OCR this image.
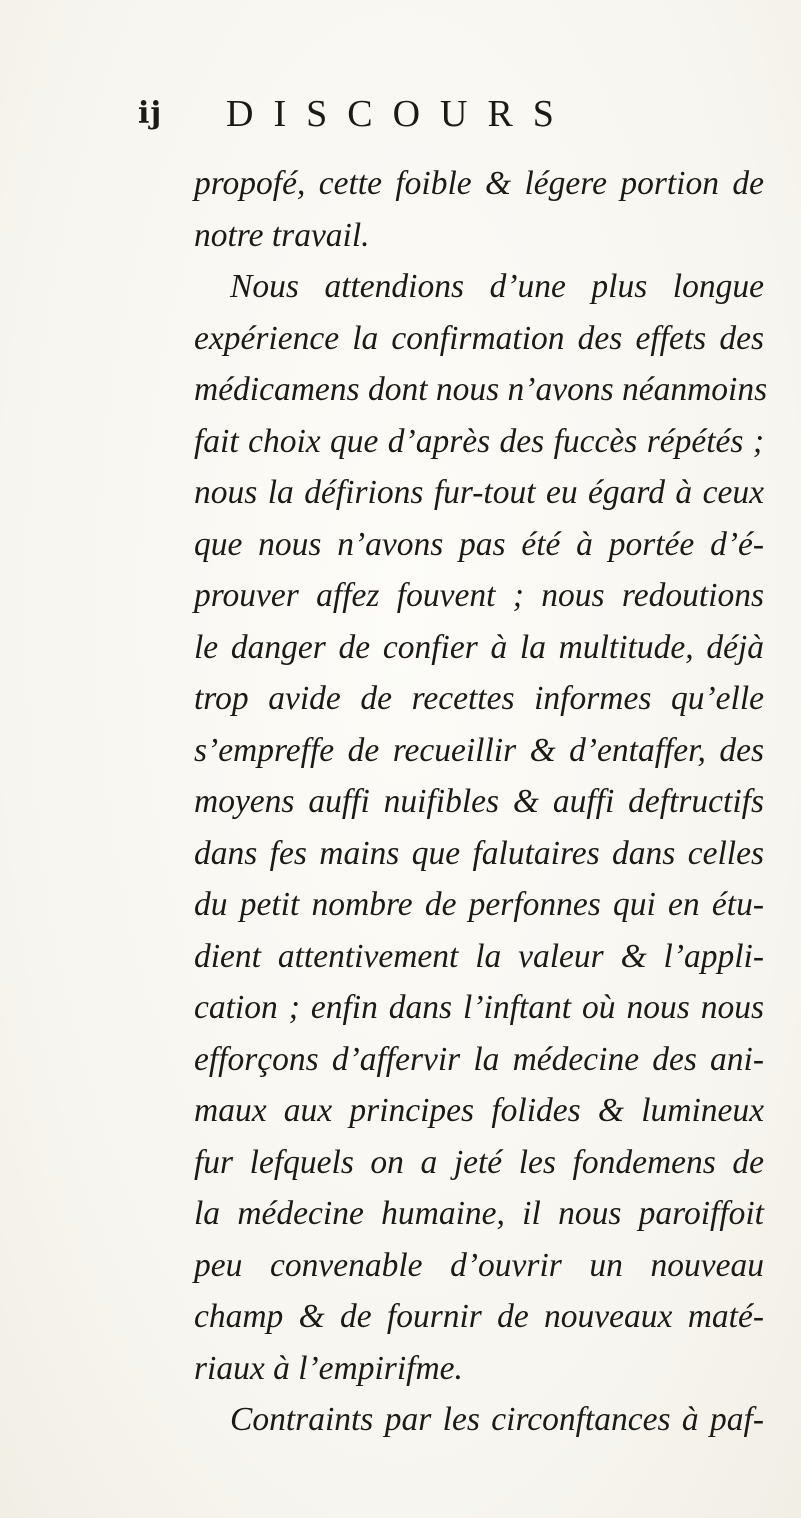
ij DISCOURS
propofé, cette foible & légere portion de
notre travail.
Nous attendions d’une plus longue
expérience la confirmation des effets des
médicamens dont nous n’avons néanmoins
fait choix que d’après des fuccès répétés ;
nous la défirions fur-tout eu égard à ceux
que nous n’avons pas été à portée d’é-
prouver affez fouvent ; nous redoutions
le danger de confier à la multitude, déjà
trop avide de recettes informes qu’elle
s’empreffe de recueillir & d’entaffer, des
moyens auffi nuifibles & auffi deftructifs
dans fes mains que falutaires dans celles
du petit nombre de perfonnes qui en étu-
dient attentivement la valeur & l’appli-
cation ; enfin dans l’inftant où nous nous
efforçons d’affervir la médecine des ani-
maux aux principes folides & lumineux
fur lefquels on a jeté les fondemens de
la médecine humaine, il nous paroiffoit
peu convenable d’ouvrir un nouveau
champ & de fournir de nouveaux maté-
riaux à l’empirifme.
Contraints par les circonftances à paf-
